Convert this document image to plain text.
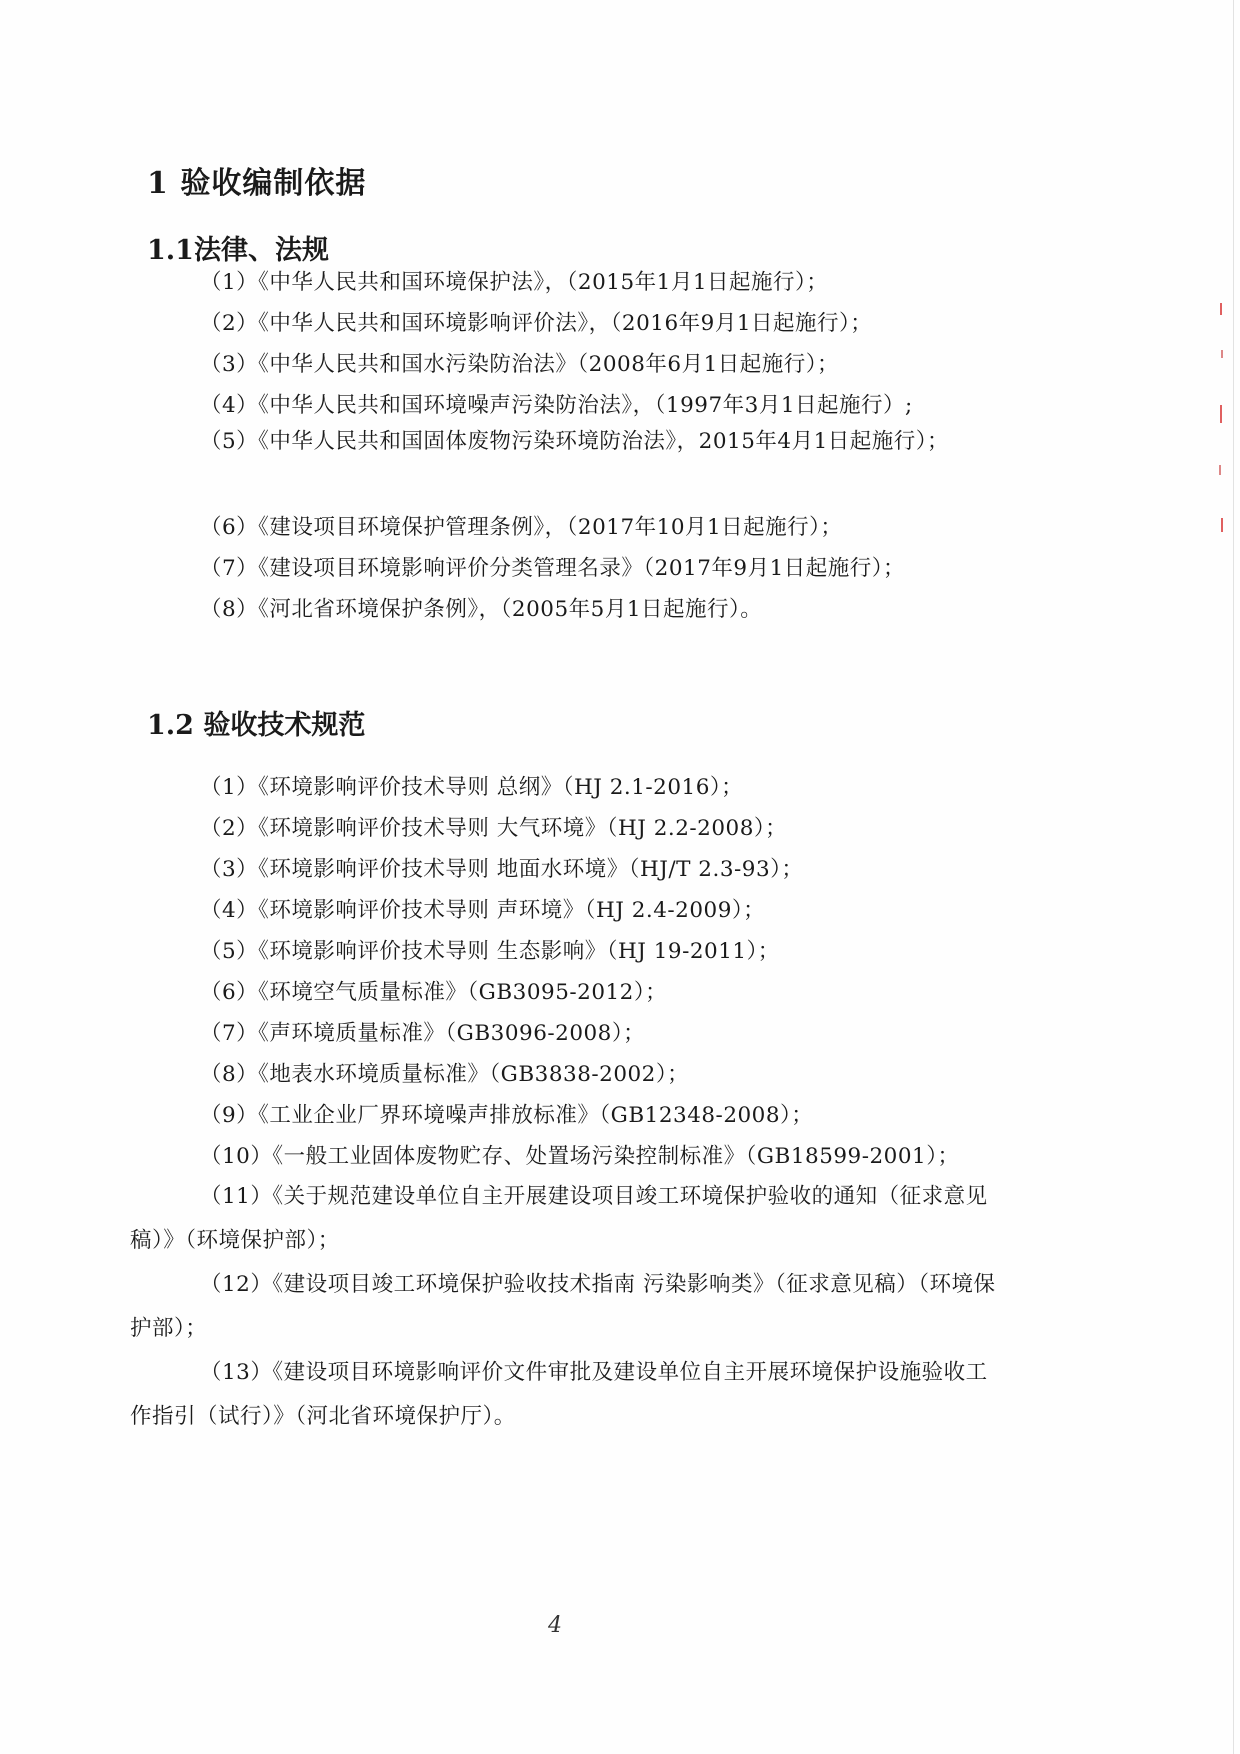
1 验收编制依据
1.1法律、法规
（1）《中华人民共和国环境保护法》，（2015年1月1日起施行）；
（2）《中华人民共和国环境影响评价法》，（2016年9月1日起施行）；
（3）《中华人民共和国水污染防治法》（2008年6月1日起施行）；
（4）《中华人民共和国环境噪声污染防治法》，（1997年3月1日起施行）;
（5）《中华人民共和国固体废物污染环境防治法》，2015年4月1日起施行）；
（6）《建设项目环境保护管理条例》，（2017年10月1日起施行）；
（7）《建设项目环境影响评价分类管理名录》（2017年9月1日起施行）；
（8）《河北省环境保护条例》，（2005年5月1日起施行）。
1.2 验收技术规范
（1）《环境影响评价技术导则 总纲》（HJ 2.1-2016）；
（2）《环境影响评价技术导则 大气环境》（HJ 2.2-2008）；
（3）《环境影响评价技术导则 地面水环境》（HJ/T 2.3-93）；
（4）《环境影响评价技术导则 声环境》（HJ 2.4-2009）；
（5）《环境影响评价技术导则 生态影响》（HJ 19-2011）；
（6）《环境空气质量标准》（GB3095-2012）；
（7）《声环境质量标准》（GB3096-2008）；
（8）《地表水环境质量标准》（GB3838-2002）；
（9）《工业企业厂界环境噪声排放标准》（GB12348-2008）；
（10）《一般工业固体废物贮存、处置场污染控制标准》（GB18599-2001）；
（11）《关于规范建设单位自主开展建设项目竣工环境保护验收的通知（征求意见稿）》（环境保护部）；
（12）《建设项目竣工环境保护验收技术指南 污染影响类》（征求意见稿）（环境保护部）；
（13）《建设项目环境影响评价文件审批及建设单位自主开展环境保护设施验收工作指引（试行）》（河北省环境保护厅）。
4
